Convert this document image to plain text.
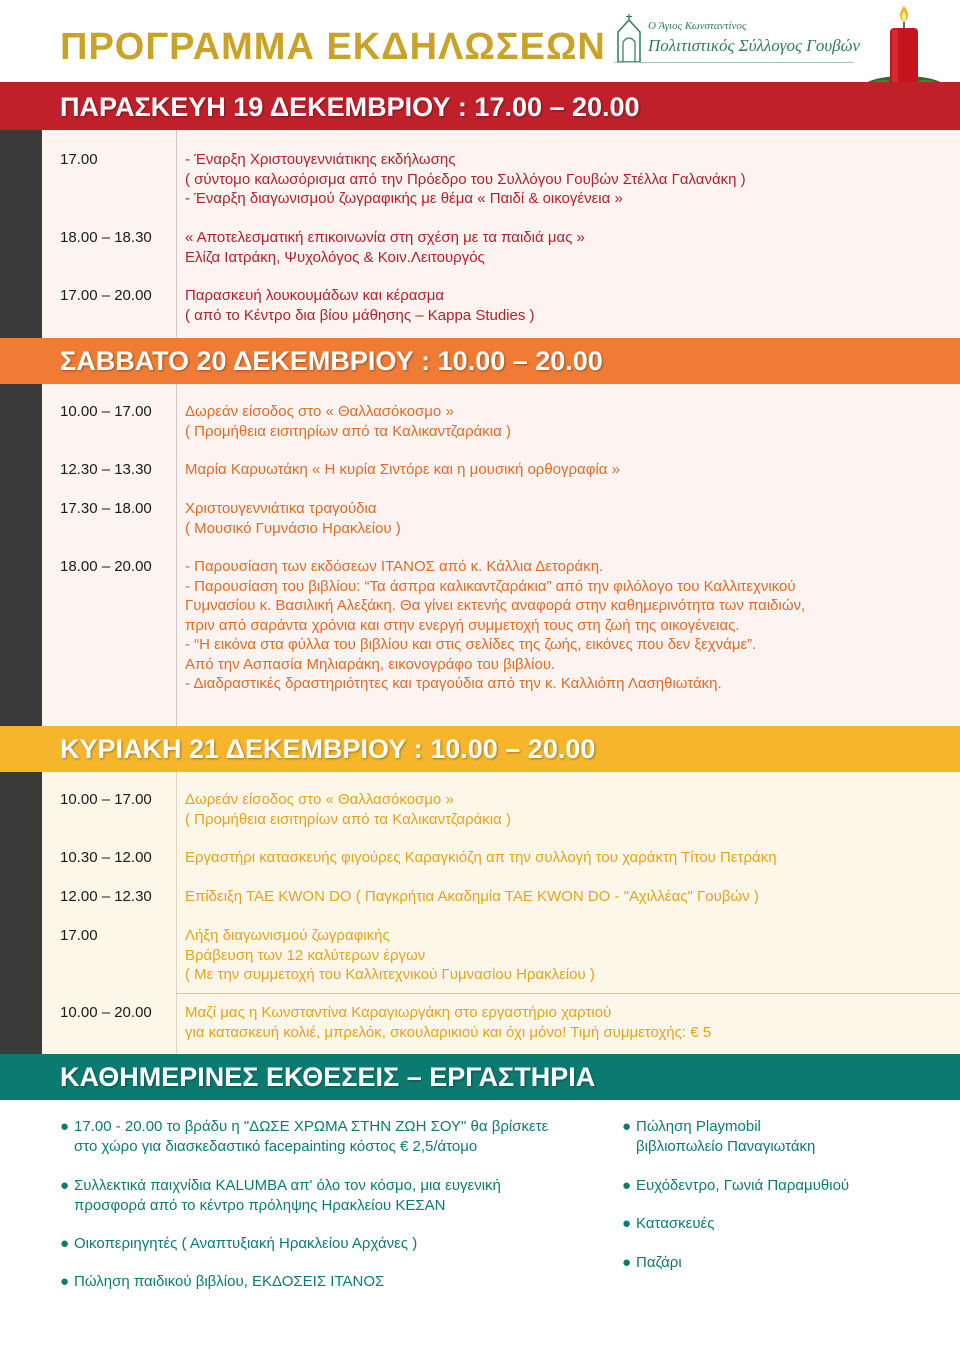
ΠΡΟΓΡΑΜΜΑ ΕΚΔΗΛΩΣΕΩΝ	Ο Άγιος Κωνσταντίνος
Πολιτιστικός Σύλλογος Γουβών
ΠΑΡΑΣΚΕΥΗ 19 ΔΕΚΕΜΒΡΙΟΥ : 17.00 – 20.00
17.00	- Έναρξη Χριστουγεννιάτικης εκδήλωσης
( σύντομο καλωσόρισμα από την Πρόεδρο του Συλλόγου Γουβών Στέλλα Γαλανάκη )
- Έναρξη διαγωνισμού ζωγραφικής με θέμα « Παιδί & οικογένεια »
18.00 – 18.30 « Αποτελεσματική επικοινωνία στη σχέση με τα παιδιά μας »
Ελίζα Ιατράκη, Ψυχολόγος & Κοιν.Λειτουργός
17.00 – 20.00 Παρασκευή λουκουμάδων και κέρασμα
( από το Κέντρο δια βίου μάθησης – Kappa Studies )
ΣΑΒΒΑΤΟ 20 ΔΕΚΕΜΒΡΙΟΥ : 10.00 – 20.00
10.00 – 17.00 Δωρεάν είσοδος στο « Θαλλασόκοσμο »
( Προμήθεια εισιτηρίων από τα Καλικαντζαράκια )
12.30 – 13.30 Μαρία Καρυωτάκη « Η κυρία Σιντόρε και η μουσική ορθογραφία »
17.30 – 18.00 Χριστουγεννιάτικα τραγούδια
( Μουσικό Γυμνάσιο Ηρακλείου )
18.00 – 20.00 - Παρουσίαση των εκδόσεων ΙΤΑΝΟΣ από κ. Κάλλια Δετοράκη.
- Παρουσίαση του βιβλίου: “Τα άσπρα καλικαντζαράκια” από την φιλόλογο του Καλλιτεχνικού
Γυμνασίου κ. Βασιλική Αλεξάκη. Θα γίνει εκτενής αναφορά στην καθημερινότητα των παιδιών,
πριν από σαράντα χρόνια και στην ενεργή συμμετοχή τους στη ζωή της οικογένειας.
- “Η εικόνα στα φύλλα του βιβλίου και στις σελίδες της ζωής, εικόνες που δεν ξεχνάμε”.
Από την Ασπασία Μηλιαράκη, εικονογράφο του βιβλίου.
- Διαδραστικές δραστηριότητες και τραγούδια από την κ. Καλλιόπη Λασηθιωτάκη.
ΚΥΡΙΑΚΗ 21 ΔΕΚΕΜΒΡΙΟΥ : 10.00 – 20.00
10.00 – 17.00 Δωρεάν είσοδος στο « Θαλλασόκοσμο »
( Προμήθεια εισιτηρίων από τα Καλικαντζαράκια )
10.30 – 12.00 Εργαστήρι κατασκευής φιγούρες Καραγκιόζη απ την συλλογή του χαράκτη Τίτου Πετράκη
12.00 – 12.30 Επίδειξη ΤΑΕ KWON DO ( Παγκρήτια Ακαδημία ΤΑΕ KWON DO - "Αχιλλέας" Γουβών )
17.00	Λήξη διαγωνισμού ζωγραφικής
Βράβευση των 12 καλύτερων έργων
( Με την συμμετοχή του Καλλιτεχνικού Γυμνασίου Ηρακλείου )
10.00 – 20.00 Μαζί μας η Κωνσταντίνα Καραγιωργάκη στο εργαστήριο χαρτιού
για κατασκευή κολιέ, μπρελόκ, σκουλαρικιού και όχι μόνο! Τιμή συμμετοχής: € 5
ΚΑΘΗΜΕΡΙΝΕΣ ΕΚΘΕΣΕΙΣ – ΕΡΓΑΣΤΗΡΙΑ
● 17.00 - 20.00 το βράδυ η "ΔΩΣΕ ΧΡΩΜΑ ΣΤΗΝ ΖΩΗ ΣΟΥ" θα βρίσκετε
στο χώρο για διασκεδαστικό facepainting κόστος € 2,5/άτομο
● Συλλεκτικά παιχνίδια KALUMBA απ' όλο τον κόσμο, μια ευγενική
προσφορά από το κέντρο πρόληψης Ηρακλείου ΚΕΣΑΝ
● Οικοπεριηγητές ( Αναπτυξιακή Ηρακλείου Αρχάνες )
● Πώληση παιδικού βιβλίου, ΕΚΔΟΣΕΙΣ ΙΤΑΝΟΣ
● Πώληση Playmobil
βιβλιοπωλείο Παναγιωτάκη
● Ευχόδεντρο, Γωνιά Παραμυθιού
● Κατασκευές
● Παζάρι
